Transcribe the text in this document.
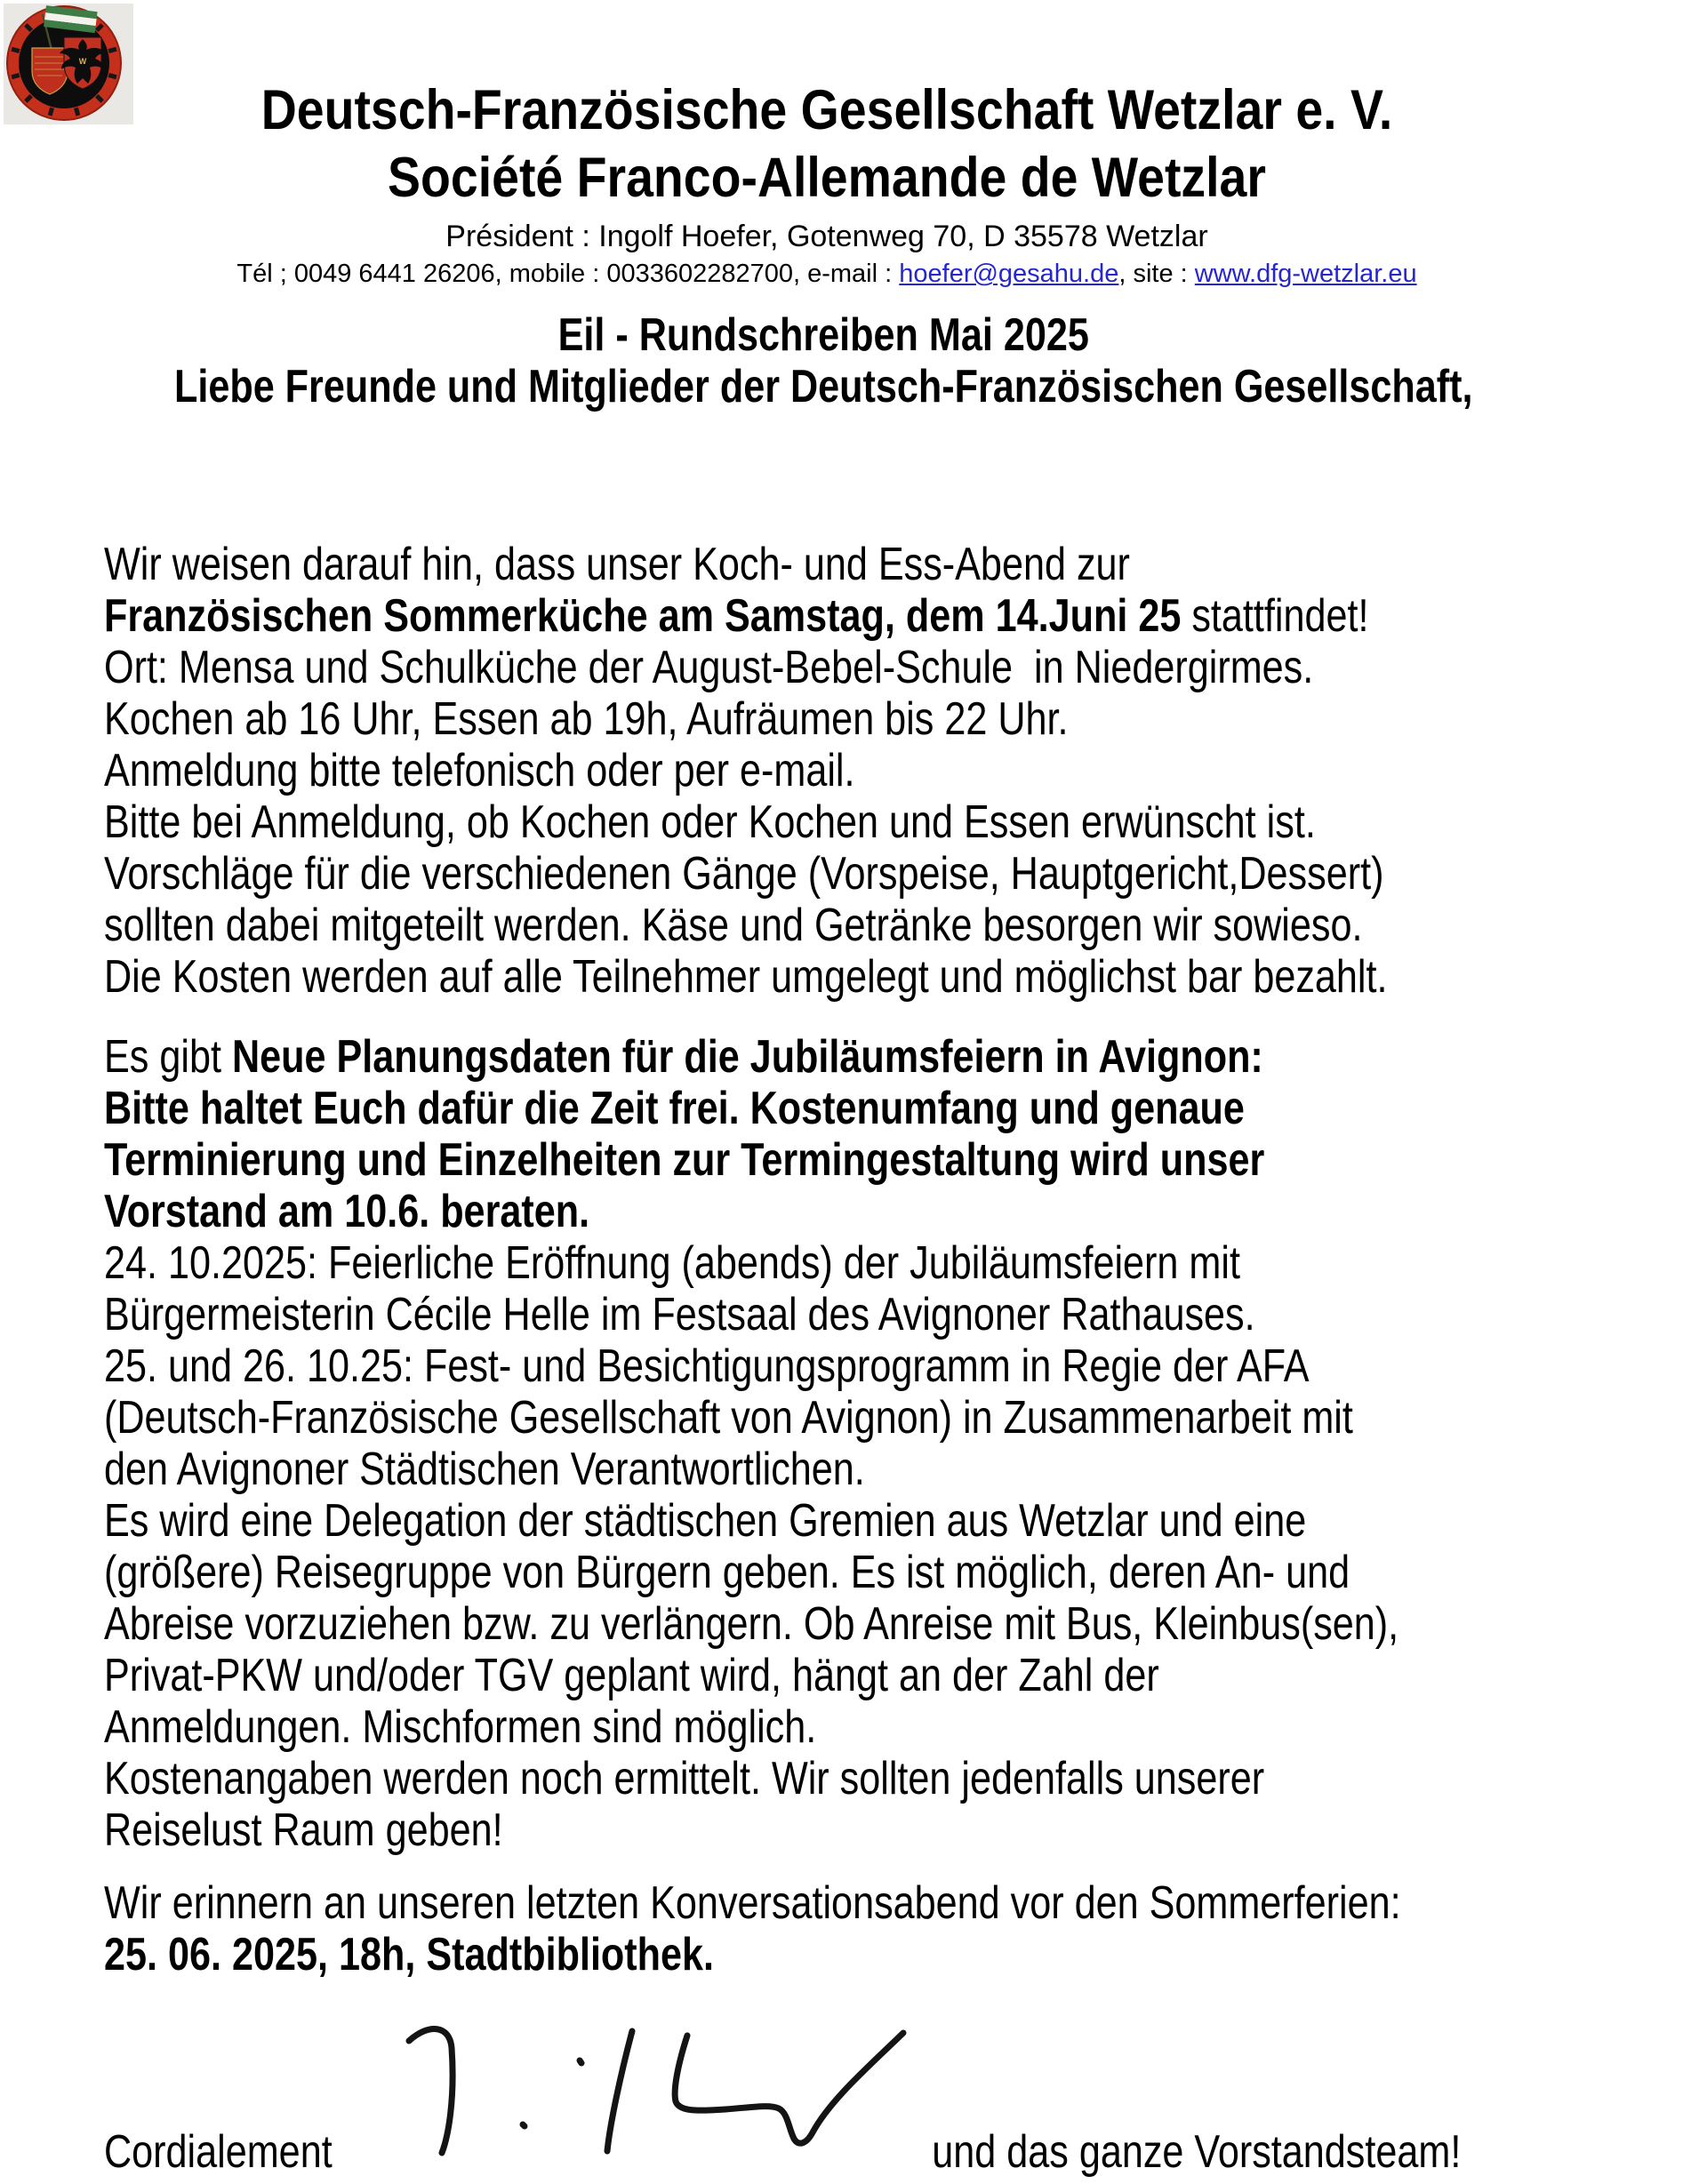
W
Deutsch-Französische Gesellschaft Wetzlar e. V.
Société Franco-Allemande de Wetzlar
Président : Ingolf Hoefer, Gotenweg 70, D 35578 Wetzlar
Tél ; 0049 6441 26206, mobile : 0033602282700, e-mail : hoefer@gesahu.de, site : www.dfg-wetzlar.eu
Eil - Rundschreiben Mai 2025
Liebe Freunde und Mitglieder der Deutsch-Französischen Gesellschaft,
Wir weisen darauf hin, dass unser Koch- und Ess-Abend zur
Französischen Sommerküche am Samstag, dem 14.Juni 25 stattfindet!
Ort: Mensa und Schulküche der August-Bebel-Schule  in Niedergirmes.
Kochen ab 16 Uhr, Essen ab 19h, Aufräumen bis 22 Uhr.
Anmeldung bitte telefonisch oder per e-mail.
Bitte bei Anmeldung, ob Kochen oder Kochen und Essen erwünscht ist.
Vorschläge für die verschiedenen Gänge (Vorspeise, Hauptgericht,Dessert)
sollten dabei mitgeteilt werden. Käse und Getränke besorgen wir sowieso.
Die Kosten werden auf alle Teilnehmer umgelegt und möglichst bar bezahlt.
Es gibt Neue Planungsdaten für die Jubiläumsfeiern in Avignon:
Bitte haltet Euch dafür die Zeit frei. Kostenumfang und genaue
Terminierung und Einzelheiten zur Termingestaltung wird unser
Vorstand am 10.6. beraten.
24. 10.2025: Feierliche Eröffnung (abends) der Jubiläumsfeiern mit
Bürgermeisterin Cécile Helle im Festsaal des Avignoner Rathauses.
25. und 26. 10.25: Fest- und Besichtigungsprogramm in Regie der AFA
(Deutsch-Französische Gesellschaft von Avignon) in Zusammenarbeit mit
den Avignoner Städtischen Verantwortlichen.
Es wird eine Delegation der städtischen Gremien aus Wetzlar und eine
(größere) Reisegruppe von Bürgern geben. Es ist möglich, deren An- und
Abreise vorzuziehen bzw. zu verlängern. Ob Anreise mit Bus, Kleinbus(sen),
Privat-PKW und/oder TGV geplant wird, hängt an der Zahl der
Anmeldungen. Mischformen sind möglich.
Kostenangaben werden noch ermittelt. Wir sollten jedenfalls unserer
Reiselust Raum geben!
Wir erinnern an unseren letzten Konversationsabend vor den Sommerferien:
25. 06. 2025, 18h, Stadtbibliothek.
Cordialement	und das ganze Vorstandsteam!
